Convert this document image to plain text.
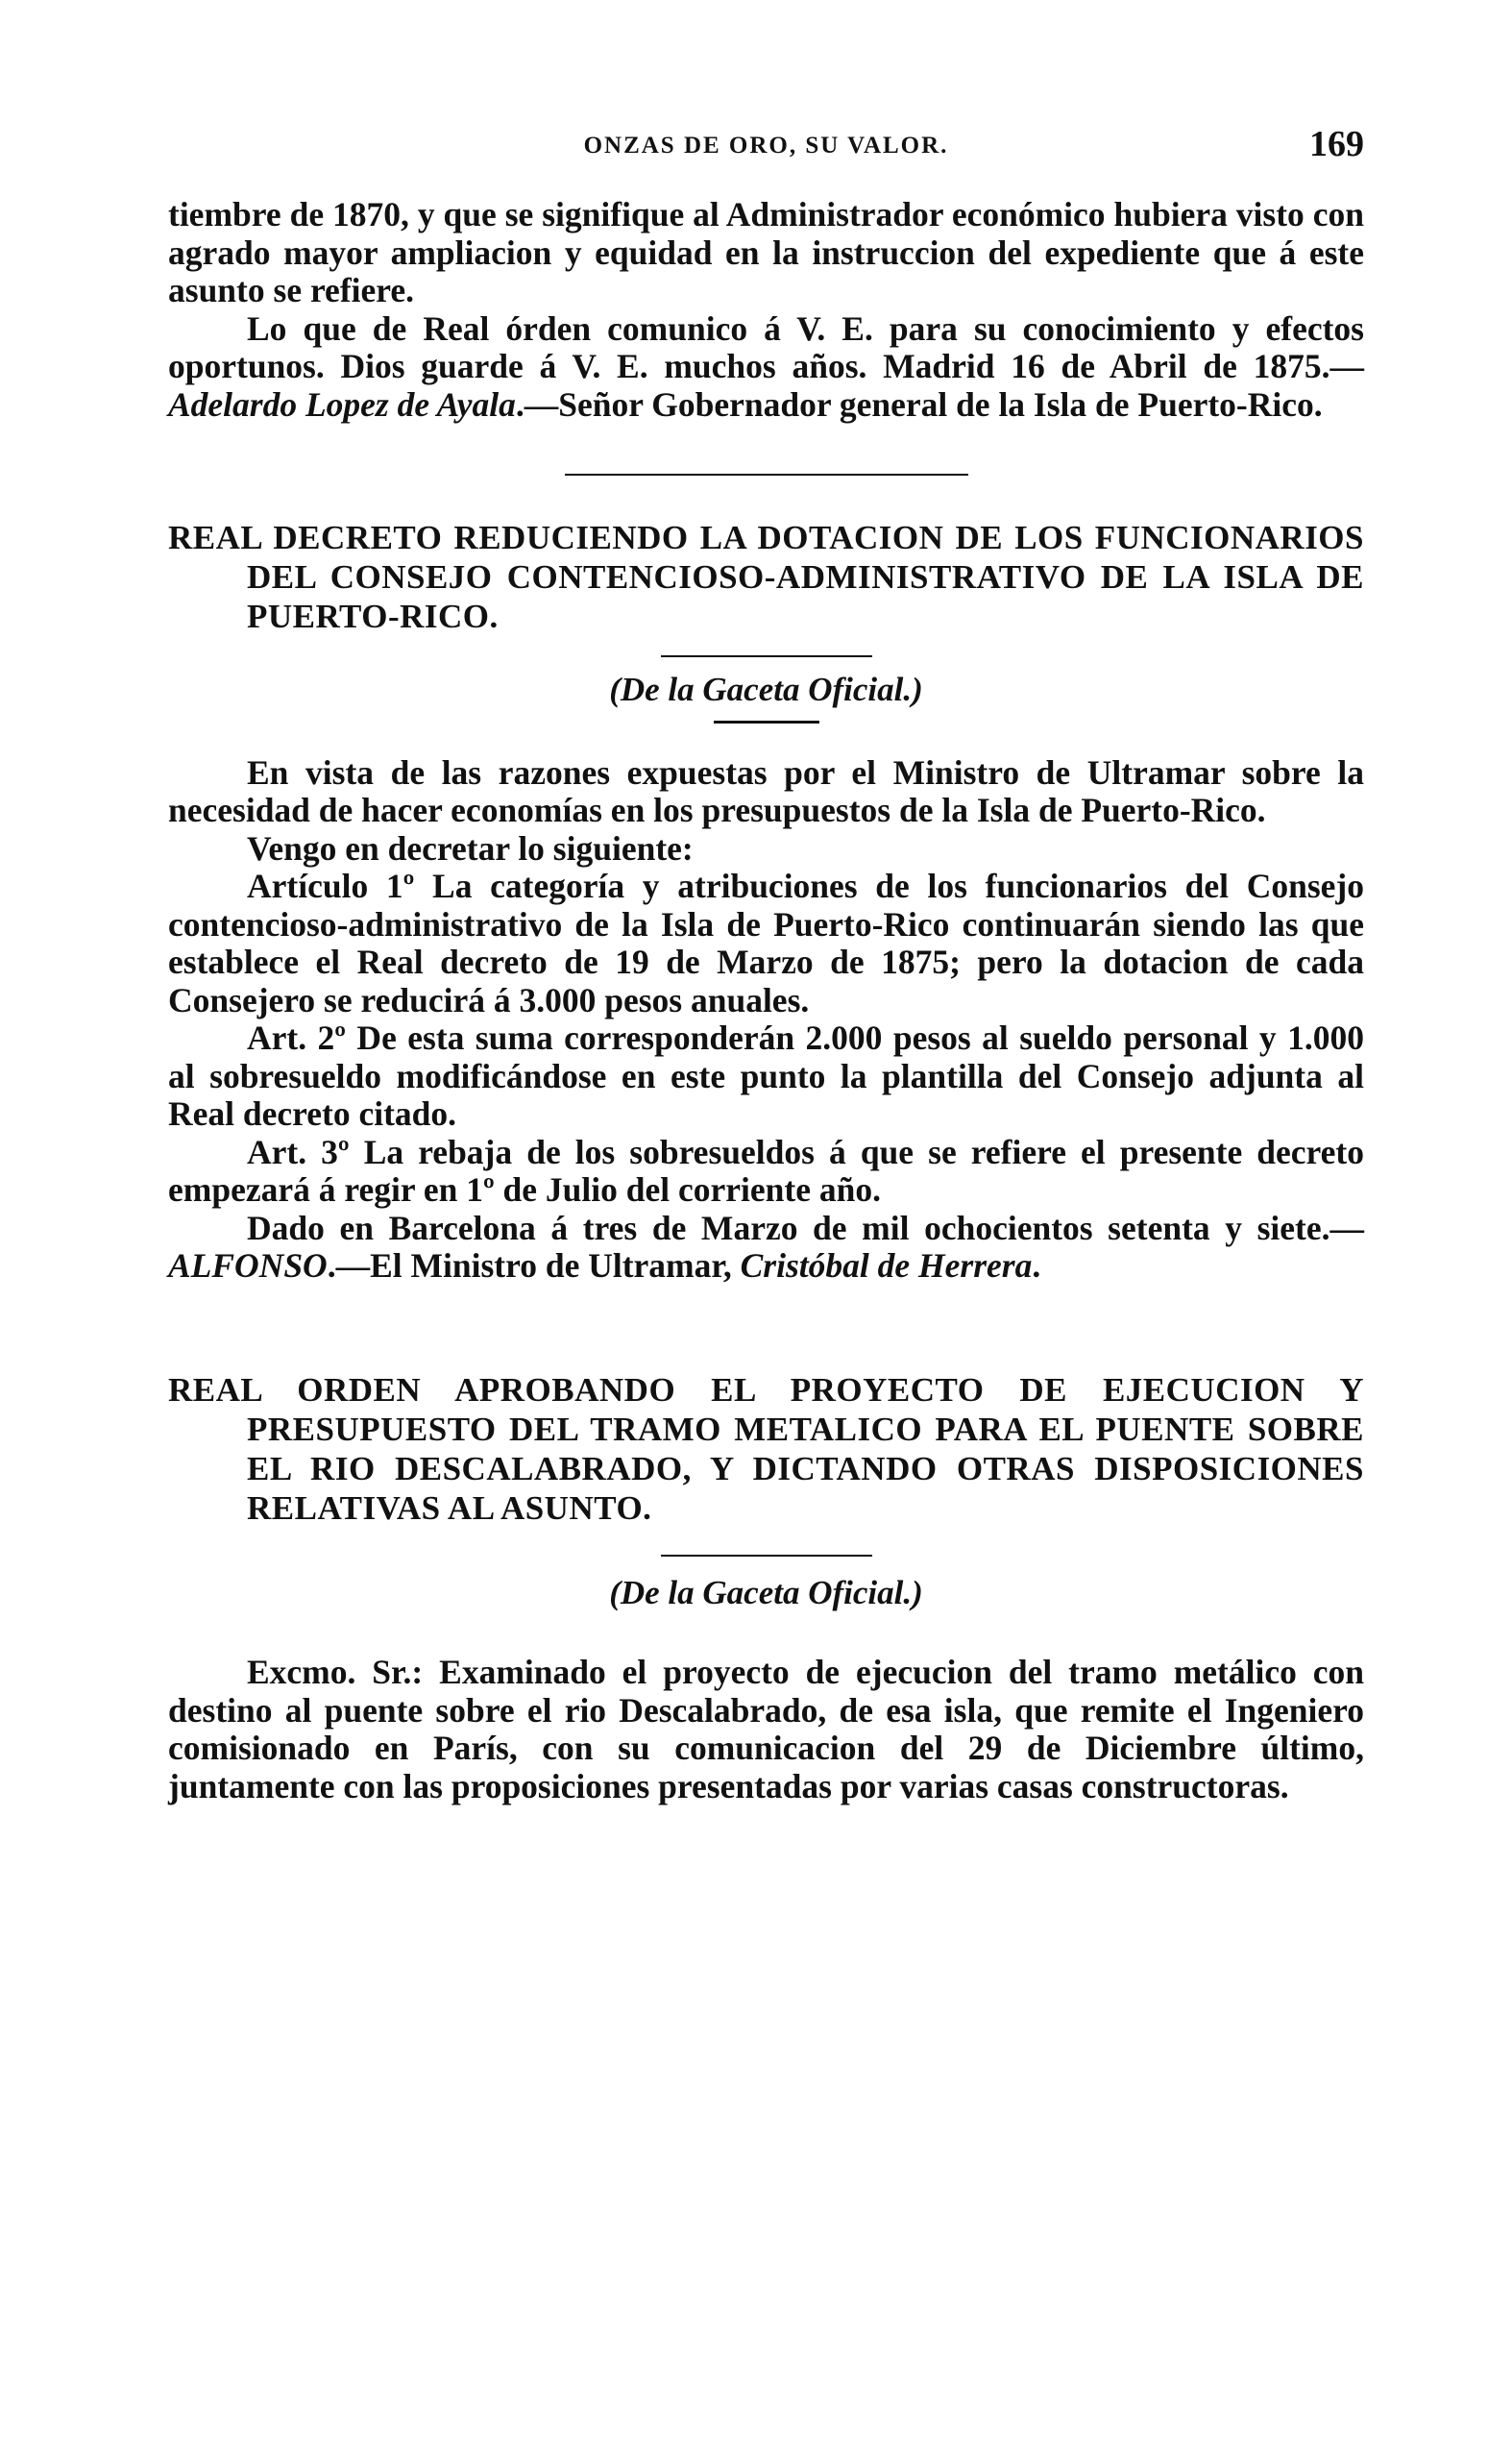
ONZAS DE ORO, SU VALOR.	169

tiembre de 1870, y que se signifique al Administrador económico hubiera visto con agrado mayor ampliacion y equidad en la instruccion del expediente que á este asunto se refiere.

Lo que de Real órden comunico á V. E. para su conocimiento y efectos oportunos. Dios guarde á V. E. muchos años. Madrid 16 de Abril de 1875.—Adelardo Lopez de Ayala.—Señor Gobernador general de la Isla de Puerto-Rico.

REAL DECRETO REDUCIENDO LA DOTACION DE LOS FUNCIONARIOS DEL CONSEJO CONTENCIOSO-ADMINISTRATIVO DE LA ISLA DE PUERTO-RICO.

(De la Gaceta Oficial.)

En vista de las razones expuestas por el Ministro de Ultramar sobre la necesidad de hacer economías en los presupuestos de la Isla de Puerto-Rico.

Vengo en decretar lo siguiente:

Artículo 1º La categoría y atribuciones de los funcionarios del Consejo contencioso-administrativo de la Isla de Puerto-Rico continuarán siendo las que establece el Real decreto de 19 de Marzo de 1875; pero la dotacion de cada Consejero se reducirá á 3.000 pesos anuales.

Art. 2º De esta suma corresponderán 2.000 pesos al sueldo personal y 1.000 al sobresueldo modificándose en este punto la plantilla del Consejo adjunta al Real decreto citado.

Art. 3º La rebaja de los sobresueldos á que se refiere el presente decreto empezará á regir en 1º de Julio del corriente año.

Dado en Barcelona á tres de Marzo de mil ochocientos setenta y siete.—ALFONSO.—El Ministro de Ultramar, Cristóbal de Herrera.

REAL ORDEN APROBANDO EL PROYECTO DE EJECUCION Y PRESUPUESTO DEL TRAMO METALICO PARA EL PUENTE SOBRE EL RIO DESCALABRADO, Y DICTANDO OTRAS DISPOSICIONES RELATIVAS AL ASUNTO.

(De la Gaceta Oficial.)

Excmo. Sr.: Examinado el proyecto de ejecucion del tramo metálico con destino al puente sobre el rio Descalabrado, de esa isla, que remite el Ingeniero comisionado en París, con su comunicacion del 29 de Diciembre último, juntamente con las proposiciones presentadas por varias casas constructoras.
